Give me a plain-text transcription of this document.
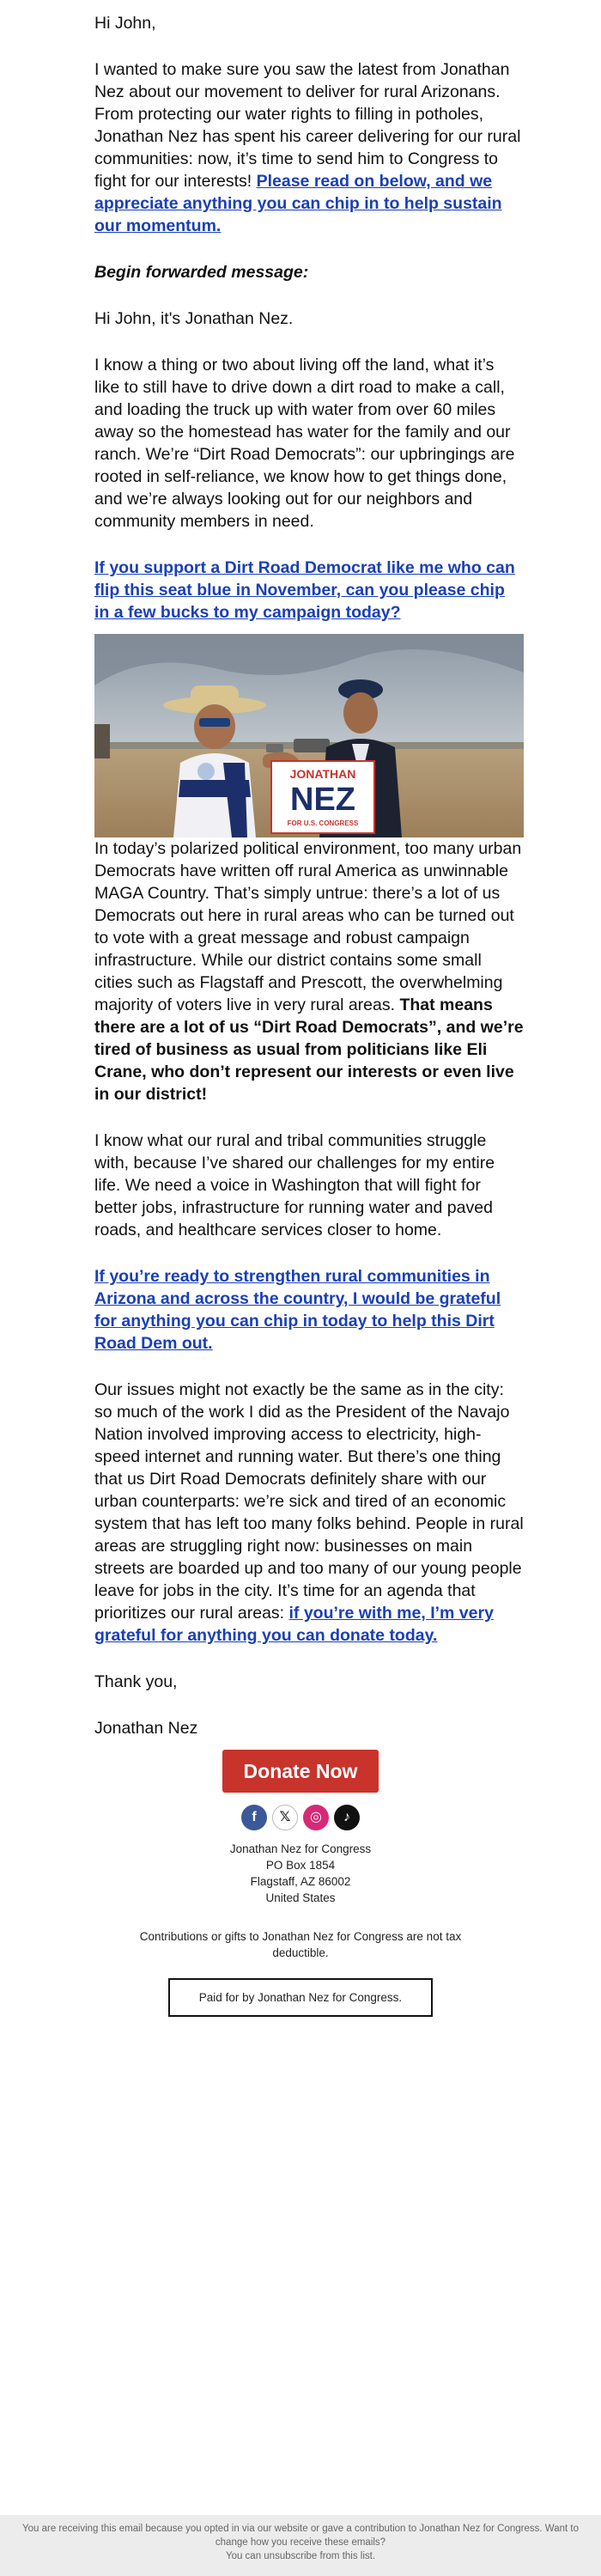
Hi John,

I wanted to make sure you saw the latest from Jonathan Nez about our movement to deliver for rural Arizonans. From protecting our water rights to filling in potholes, Jonathan Nez has spent his career delivering for our rural communities: now, it’s time to send him to Congress to fight for our interests! Please read on below, and we appreciate anything you can chip in to help sustain our momentum.

Begin forwarded message:

Hi John, it's Jonathan Nez.

I know a thing or two about living off the land, what it’s like to still have to drive down a dirt road to make a call, and loading the truck up with water from over 60 miles away so the homestead has water for the family and our ranch. We’re “Dirt Road Democrats”: our upbringings are rooted in self-reliance, we know how to get things done, and we’re always looking out for our neighbors and community members in need.

If you support a Dirt Road Democrat like me who can flip this seat blue in November, can you please chip in a few bucks to my campaign today?

JONATHAN
NEZ
FOR U.S. CONGRESS

In today’s polarized political environment, too many urban Democrats have written off rural America as unwinnable MAGA Country. That’s simply untrue: there’s a lot of us Democrats out here in rural areas who can be turned out to vote with a great message and robust campaign infrastructure. While our district contains some small cities such as Flagstaff and Prescott, the overwhelming majority of voters live in very rural areas. That means there are a lot of us “Dirt Road Democrats”, and we’re tired of business as usual from politicians like Eli Crane, who don’t represent our interests or even live in our district!

I know what our rural and tribal communities struggle with, because I’ve shared our challenges for my entire life. We need a voice in Washington that will fight for better jobs, infrastructure for running water and paved roads, and healthcare services closer to home.

If you’re ready to strengthen rural communities in Arizona and across the country, I would be grateful for anything you can chip in today to help this Dirt Road Dem out.

Our issues might not exactly be the same as in the city: so much of the work I did as the President of the Navajo Nation involved improving access to electricity, high-speed internet and running water. But there’s one thing that us Dirt Road Democrats definitely share with our urban counterparts: we’re sick and tired of an economic system that has left too many folks behind. People in rural areas are struggling right now: businesses on main streets are boarded up and too many of our young people leave for jobs in the city. It’s time for an agenda that prioritizes our rural areas: if you’re with me, I’m very grateful for anything you can donate today.

Thank you,

Jonathan Nez

Donate Now
f 𝕏 ◎ ♪
Jonathan Nez for Congress
PO Box 1854
Flagstaff, AZ 86002
United States
Contributions or gifts to Jonathan Nez for Congress are not tax deductible.
Paid for by Jonathan Nez for Congress.
You are receiving this email because you opted in via our website or gave a contribution to Jonathan Nez for Congress. Want to change how you receive these emails?
You can unsubscribe from this list.
